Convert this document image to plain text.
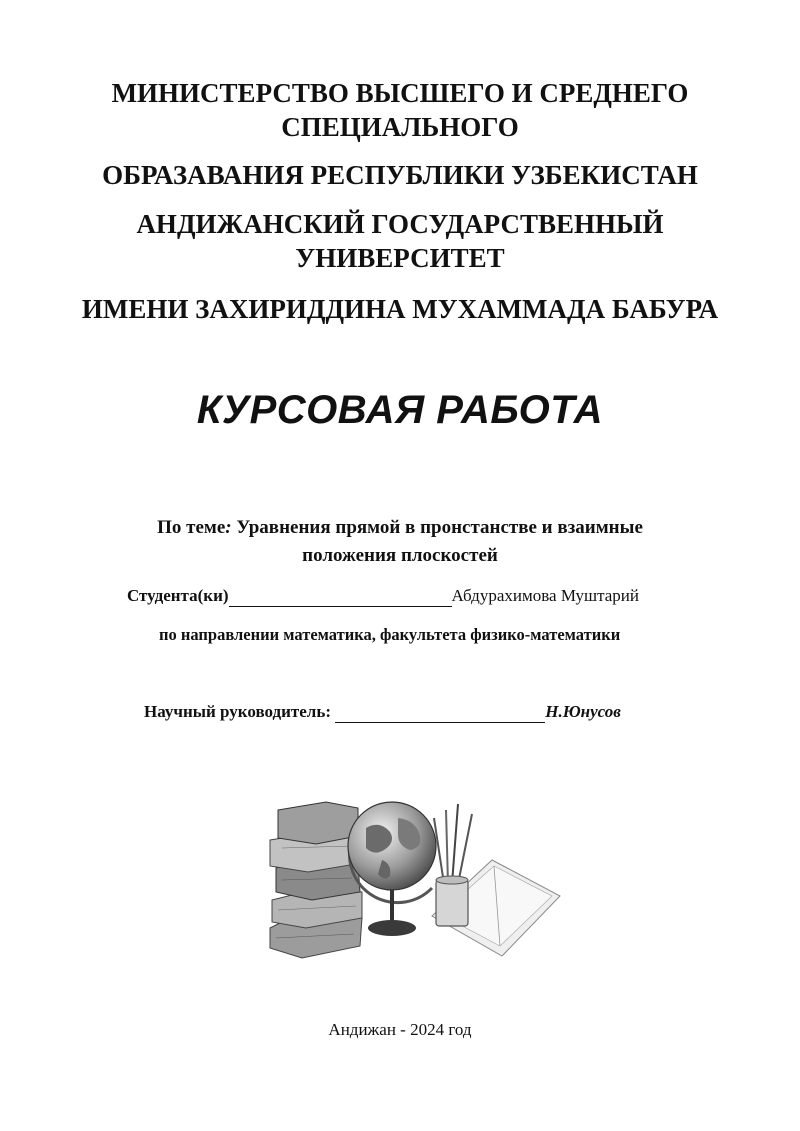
МИНИСТЕРСТВО ВЫСШЕГО И СРЕДНЕГО
СПЕЦИАЛЬНОГО
ОБРАЗАВАНИЯ РЕСПУБЛИКИ УЗБЕКИСТАН
АНДИЖАНСКИЙ ГОСУДАРСТВЕННЫЙ
УНИВЕРСИТЕТ
ИМЕНИ ЗАХИРИДДИНА МУХАММАДА БАБУРА
КУРСОВАЯ РАБОТА
По теме: Уравнения прямой в пронстанстве и взаимные
положения плоскостей
Студента(ки)	Абдурахимова Муштарий
по направлении математика, факультета физико-математики
Научный руководитель:	Н.Юнусов
Андижан - 2024 год
